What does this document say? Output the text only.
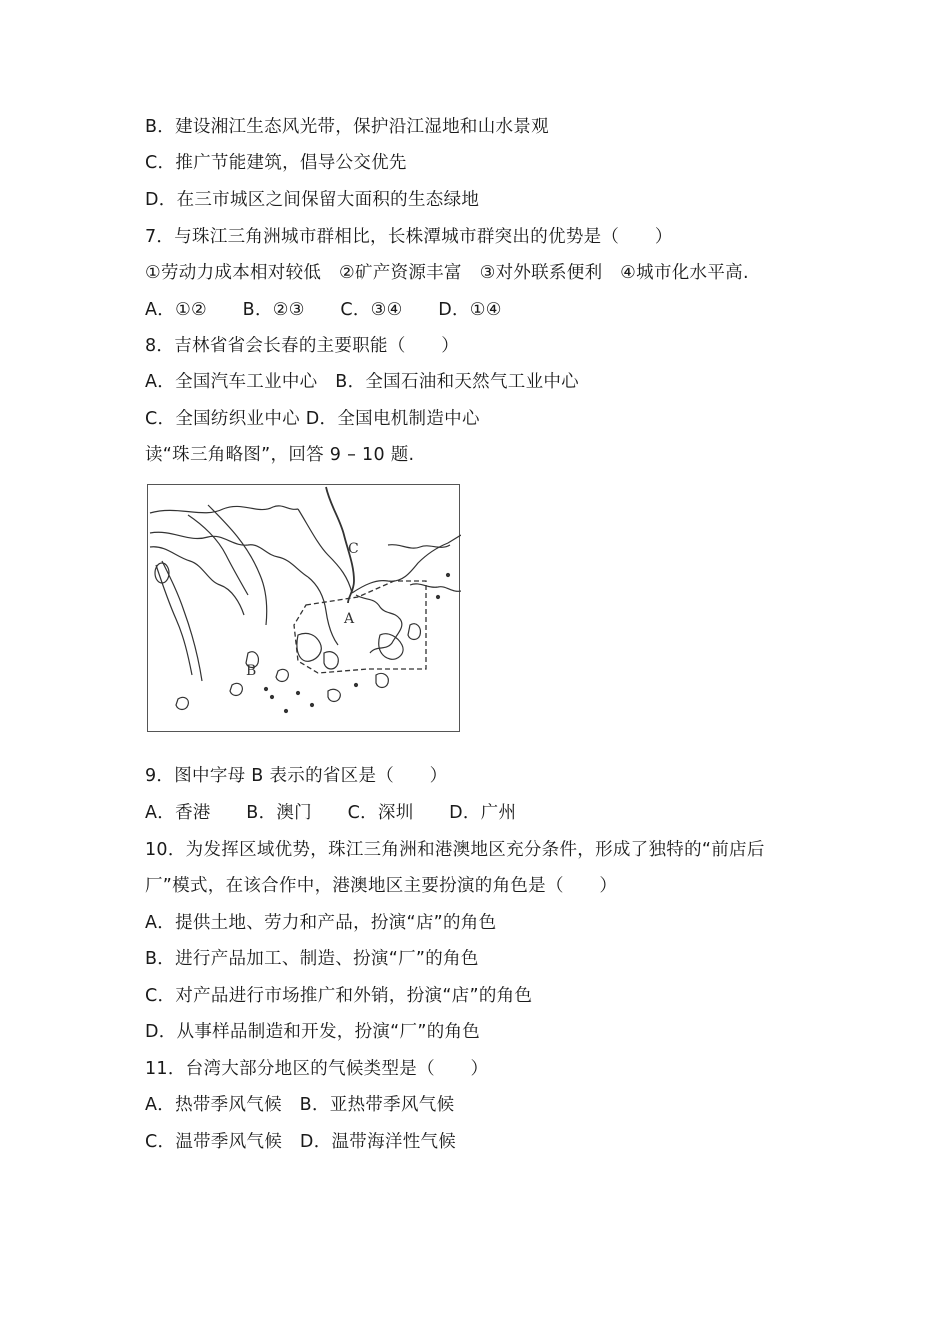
B．建设湘江生态风光带，保护沿江湿地和山水景观
C．推广节能建筑，倡导公交优先
D．在三市城区之间保留大面积的生态绿地
7．与珠江三角洲城市群相比，长株潭城市群突出的优势是（　　）
①劳动力成本相对较低　②矿产资源丰富　③对外联系便利　④城市化水平高.
A．①②　　B．②③　　C．③④　　D．①④
8．吉林省省会长春的主要职能（　　）
A．全国汽车工业中心　B．全国石油和天然气工业中心
C．全国纺织业中心 D．全国电机制造中心
读“珠三角略图”，回答 9 – 10 题.
C
A
B
9．图中字母 B 表示的省区是（　　）
A．香港　　B．澳门　　C．深圳　　D．广州
10．为发挥区域优势，珠江三角洲和港澳地区充分条件，形成了独特的“前店后
厂”模式，在该合作中，港澳地区主要扮演的角色是（　　）
A．提供土地、劳力和产品，扮演“店”的角色
B．进行产品加工、制造、扮演“厂”的角色
C．对产品进行市场推广和外销，扮演“店”的角色
D．从事样品制造和开发，扮演“厂”的角色
11．台湾大部分地区的气候类型是（　　）
A．热带季风气候　B．亚热带季风气候
C．温带季风气候　D．温带海洋性气候
